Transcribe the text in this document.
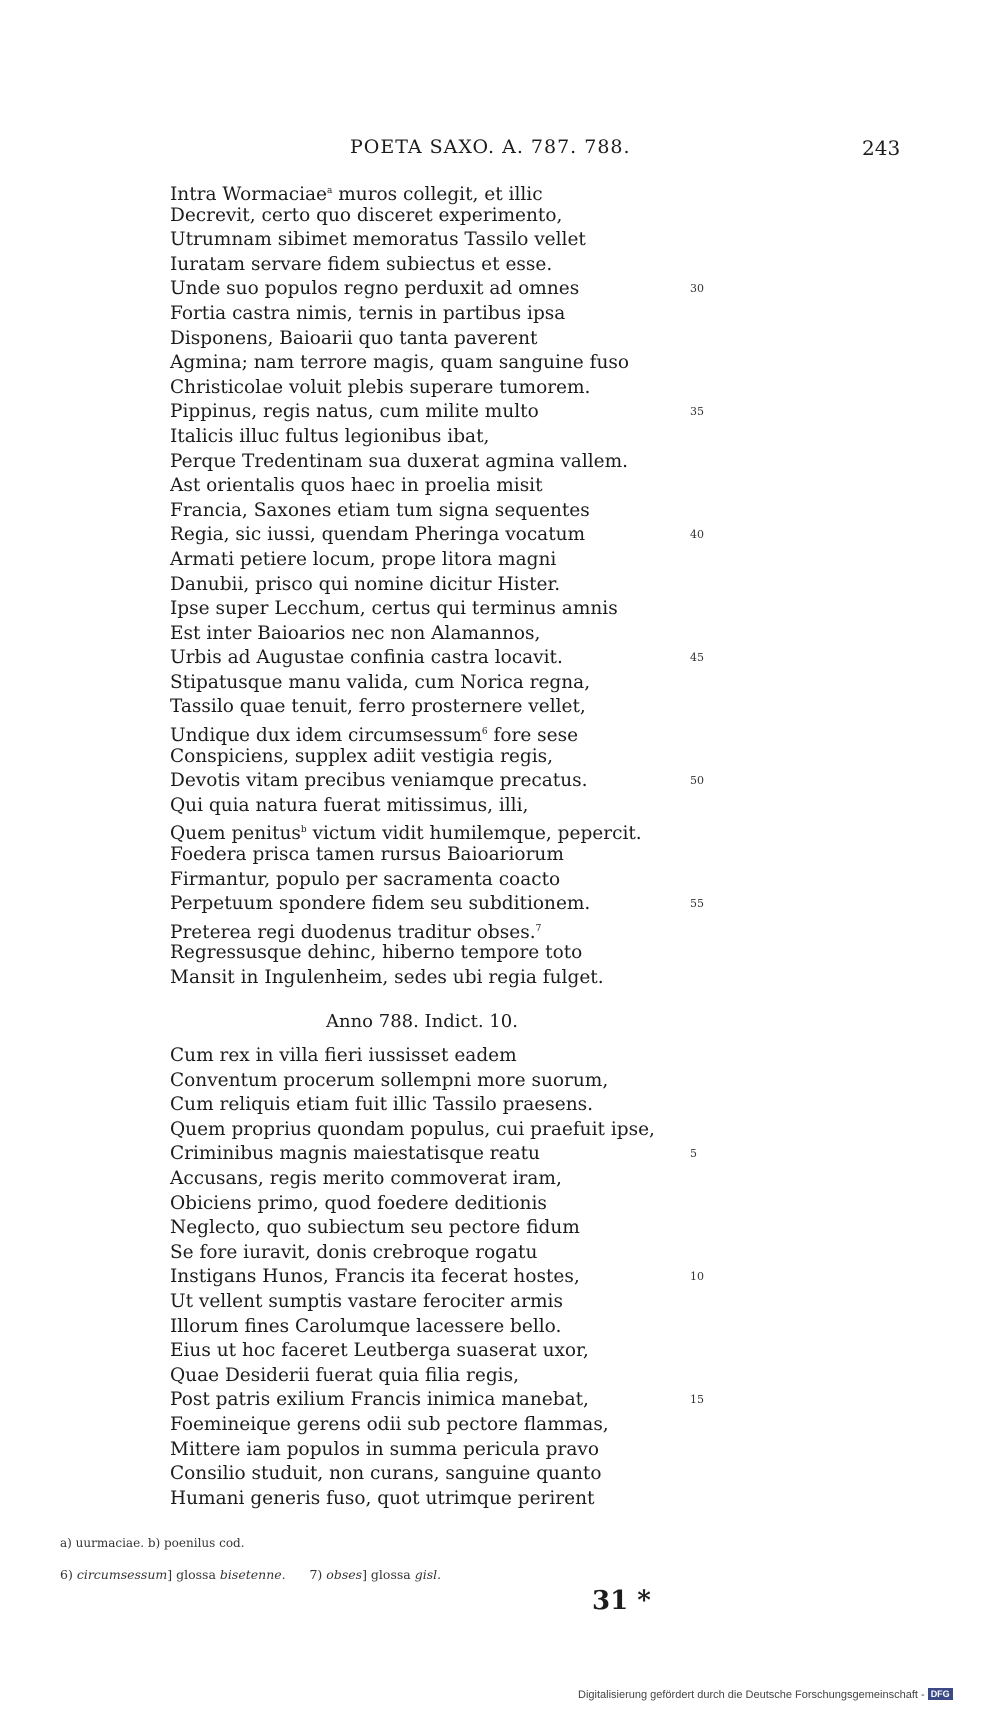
POETA SAXO. A. 787. 788.	243
Intra Wormaciae$^a$ muros collegit, et illic
Decrevit, certo quo disceret experimento,
Utrumnam sibimet memoratus Tassilo vellet
Iuratam servare fidem subiectus et esse.
Unde suo populos regno perduxit ad omnes	30
Fortia castra nimis, ternis in partibus ipsa
Disponens, Baioarii quo tanta paverent
Agmina; nam terrore magis, quam sanguine fuso
Christicolae voluit plebis superare tumorem.
Pippinus, regis natus, cum milite multo	35
Italicis illuc fultus legionibus ibat,
Perque Tredentinam sua duxerat agmina vallem.
Ast orientalis quos haec in proelia misit
Francia, Saxones etiam tum signa sequentes
Regia, sic iussi, quendam Pheringa vocatum	40
Armati petiere locum, prope litora magni
Danubii, prisco qui nomine dicitur Hister.
Ipse super Lecchum, certus qui terminus amnis
Est inter Baioarios nec non Alamannos,
Urbis ad Augustae confinia castra locavit.	45
Stipatusque manu valida, cum Norica regna,
Tassilo quae tenuit, ferro prosternere vellet,
Undique dux idem circumsessum$^6$ fore sese
Conspiciens, supplex adiit vestigia regis,
Devotis vitam precibus veniamque precatus.	50
Qui quia natura fuerat mitissimus, illi,
Quem penitus$^b$ victum vidit humilemque, pepercit.
Foedera prisca tamen rursus Baioariorum
Firmantur, populo per sacramenta coacto
Perpetuum spondere fidem seu subditionem.	55
Preterea regi duodenus traditur obses.$^7$
Regressusque dehinc, hiberno tempore toto
Mansit in Ingulenheim, sedes ubi regia fulget.
Anno 788. Indict. 10.
Cum rex in villa fieri iussisset eadem
Conventum procerum sollempni more suorum,
Cum reliquis etiam fuit illic Tassilo praesens.
Quem proprius quondam populus, cui praefuit ipse,
Criminibus magnis maiestatisque reatu	5
Accusans, regis merito commoverat iram,
Obiciens primo, quod foedere deditionis
Neglecto, quo subiectum seu pectore fidum
Se fore iuravit, donis crebroque rogatu
Instigans Hunos, Francis ita fecerat hostes,	10
Ut vellent sumptis vastare ferociter armis
Illorum fines Carolumque lacessere bello.
Eius ut hoc faceret Leutberga suaserat uxor,
Quae Desiderii fuerat quia filia regis,
Post patris exilium Francis inimica manebat,	15
Foemineique gerens odii sub pectore flammas,
Mittere iam populos in summa pericula pravo
Consilio studuit, non curans, sanguine quanto
Humani generis fuso, quot utrimque perirent
a) uurmaciae. b) poenilus cod.
6) circumsessum] glossa bisetenne. 7) obses] glossa gisl.
31 *
Digitalisierung gefördert durch die Deutsche Forschungsgemeinschaft - DFG
